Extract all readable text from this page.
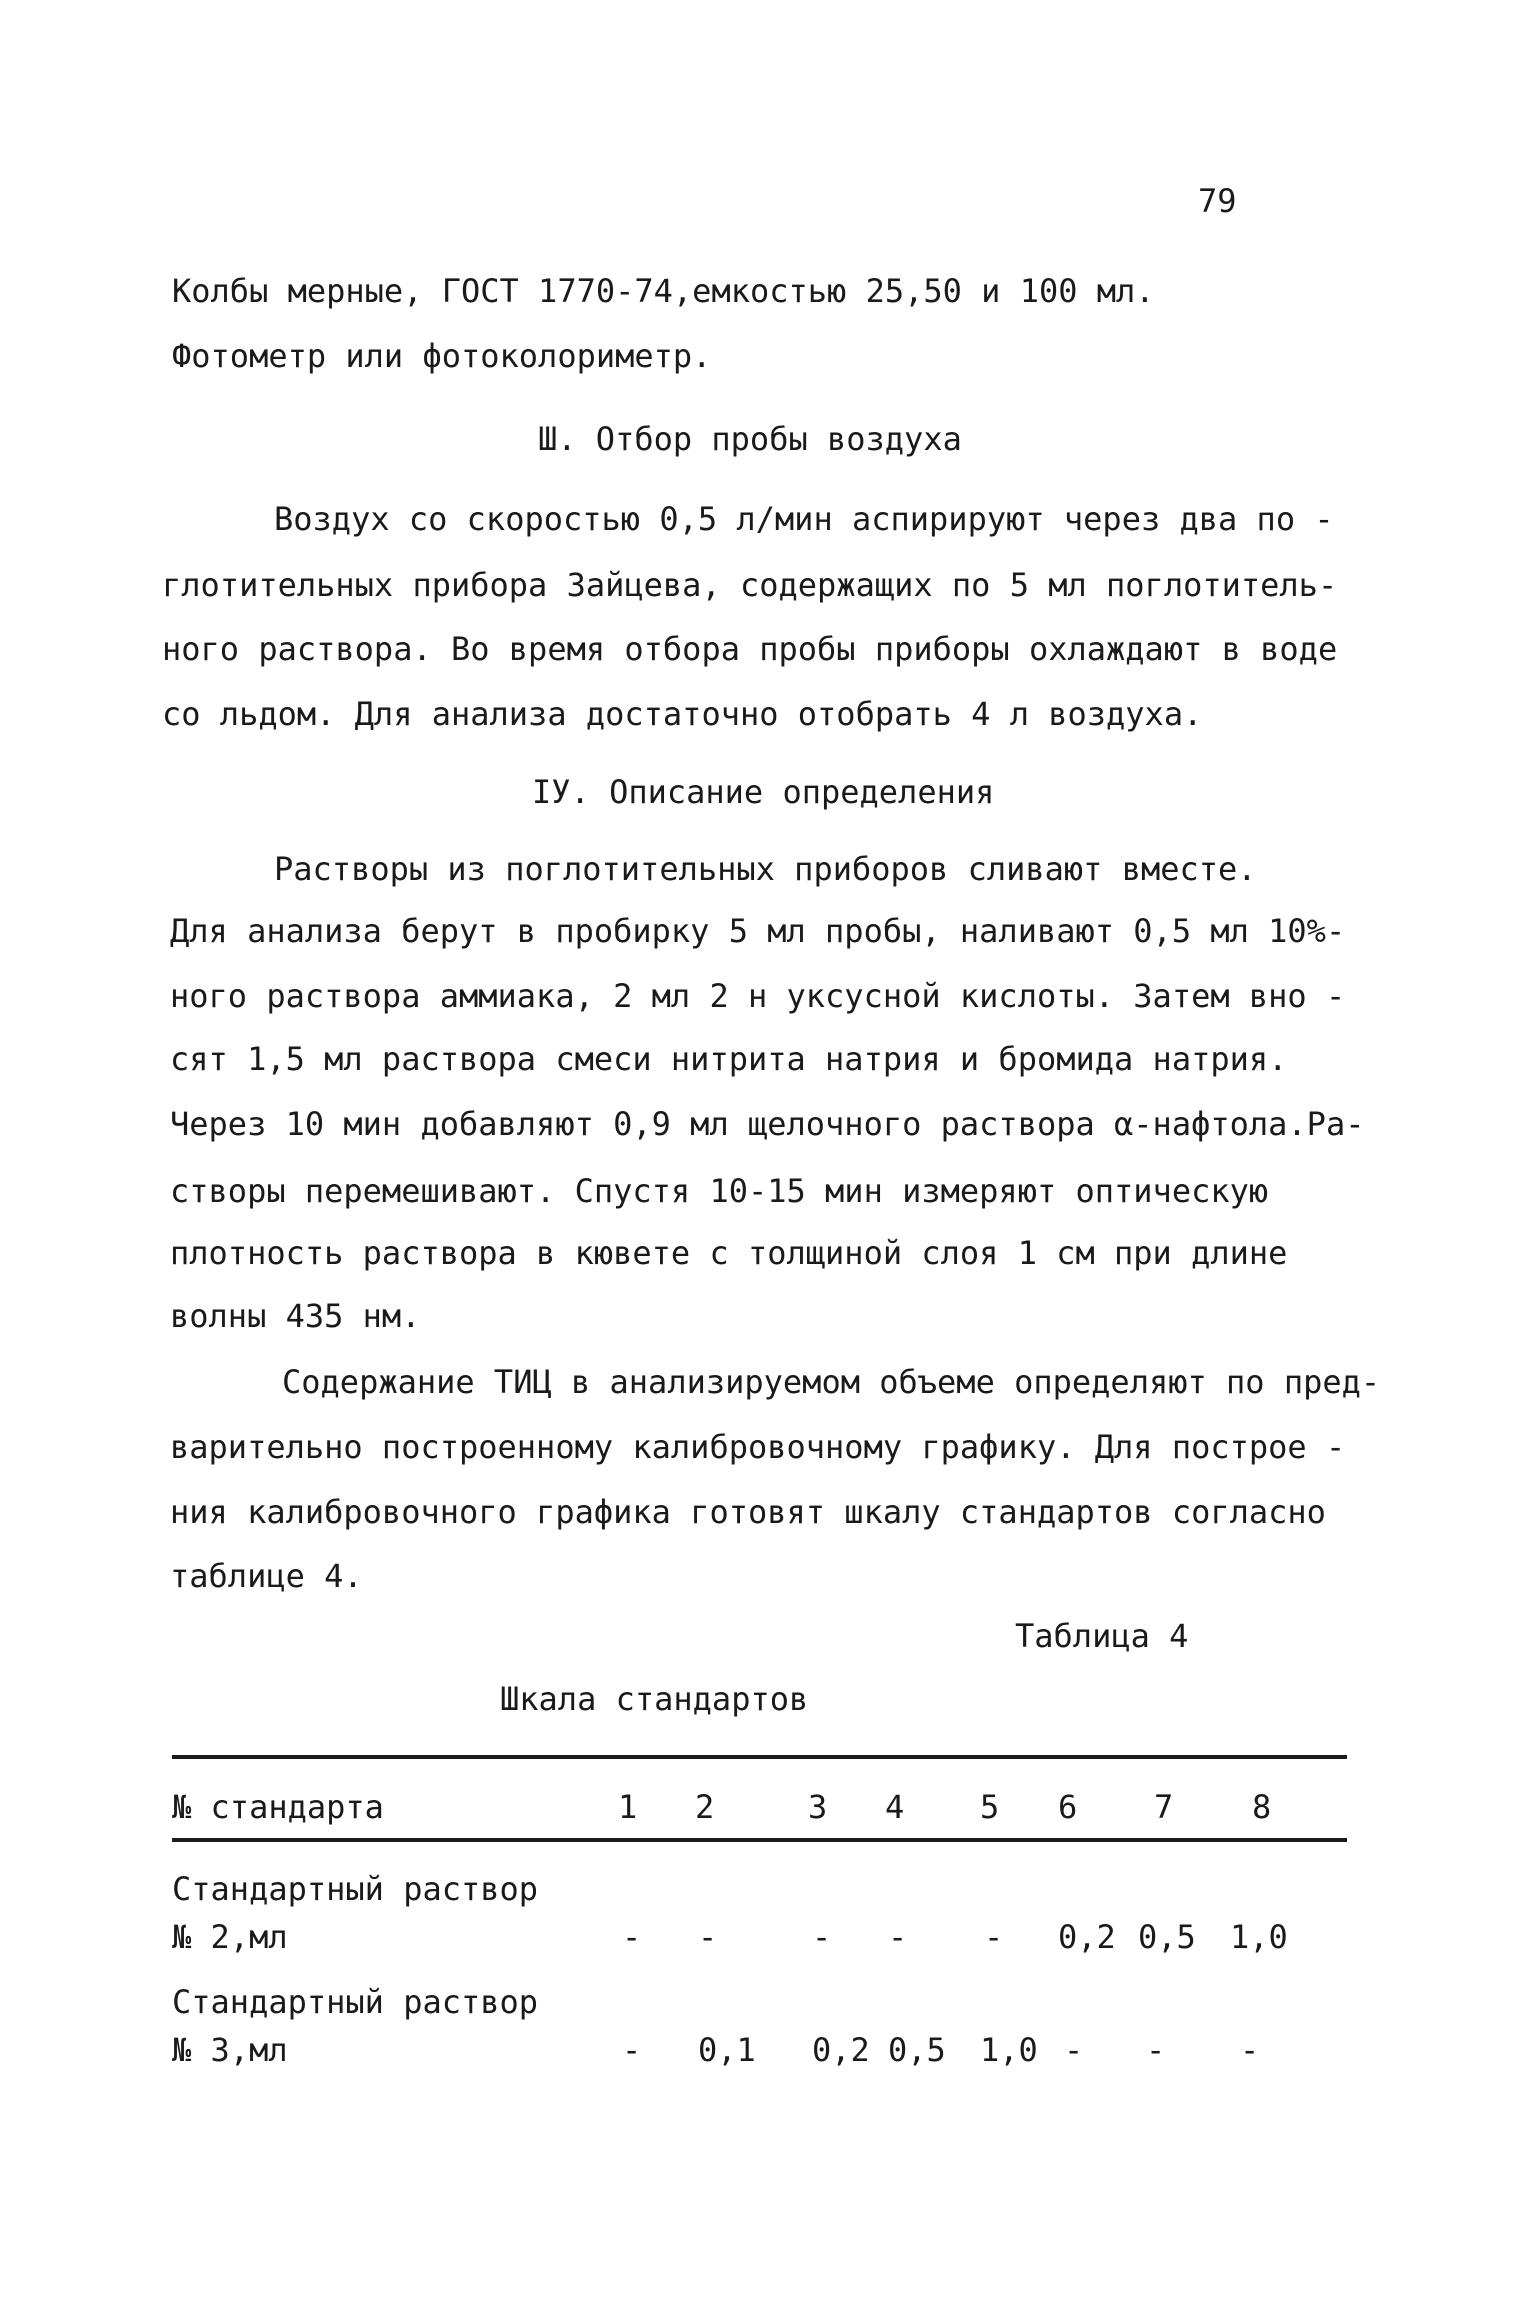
79
Колбы мерные, ГОСТ 1770-74,емкостью 25,50 и 100 мл.
Фотометр или фотоколориметр.
Ш. Отбор пробы воздуха
Воздух со скоростью 0,5 л/мин аспирируют через два по -
глотительных прибора Зайцева, содержащих по 5 мл поглотитель-
ного раствора. Во время отбора пробы приборы охлаждают в воде
со льдом. Для анализа достаточно отобрать 4 л воздуха.
IУ. Описание определения
Растворы из поглотительных приборов сливают вместе.
Для анализа берут в пробирку 5 мл пробы, наливают 0,5 мл 10%-
ного раствора аммиака, 2 мл 2 н уксусной кислоты. Затем вно -
сят 1,5 мл раствора смеси нитрита натрия и бромида натрия.
Через 10 мин добавляют 0,9 мл щелочного раствора α-нафтола.Ра-
створы перемешивают. Спустя 10-15 мин измеряют оптическую
плотность раствора в кювете с толщиной слоя 1 см при длине
волны 435 нм.
Содержание ТИЦ в анализируемом объеме определяют по пред-
варительно построенному калибровочному графику. Для построе -
ния калибровочного графика готовят шкалу стандартов согласно
таблице 4.
Таблица 4
Шкала стандартов
№ стандарта	1 2	3 4 5 6 7 8
Стандартный раствор
№ 2,мл	- -	- - - 0,2 0,5 1,0
Стандартный раствор
№ 3,мл	- 0,1 0,2 0,5 1,0 - - -
